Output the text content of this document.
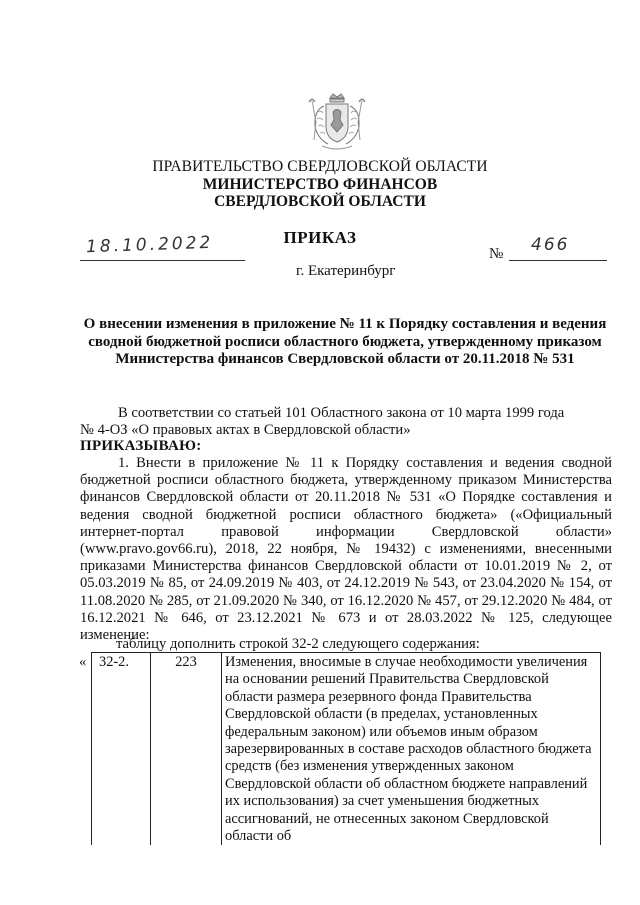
ПРАВИТЕЛЬСТВО СВЕРДЛОВСКОЙ ОБЛАСТИ
МИНИСТЕРСТВО ФИНАНСОВ
СВЕРДЛОВСКОЙ ОБЛАСТИ
ПРИКАЗ
18.10.2022	№ 466
г. Екатеринбург
О внесении изменения в приложение № 11 к Порядку составления и ведения сводной бюджетной росписи областного бюджета, утвержденному приказом Министерства финансов Свердловской области от 20.11.2018 № 531
В соответствии со статьей 101 Областного закона от 10 марта 1999 года
№ 4-ОЗ «О правовых актах в Свердловской области»
ПРИКАЗЫВАЮ:
1. Внести в приложение № 11 к Порядку составления и ведения сводной бюджетной росписи областного бюджета, утвержденному приказом Министерства финансов Свердловской области от 20.11.2018 № 531 «О Порядке составления и ведения сводной бюджетной росписи областного бюджета» («Официальный интернет-портал правовой информации Свердловской области» (www.pravo.gov66.ru), 2018, 22 ноября, № 19432) с изменениями, внесенными приказами Министерства финансов Свердловской области от 10.01.2019 № 2, от 05.03.2019 № 85, от 24.09.2019 № 403, от 24.12.2019 № 543, от 23.04.2020 № 154, от 11.08.2020 № 285, от 21.09.2020 № 340, от 16.12.2020 № 457, от 29.12.2020 № 484, от 16.12.2021 № 646, от 23.12.2021 № 673 и от 28.03.2022 № 125, следующее изменение:
таблицу дополнить строкой 32-2 следующего содержания:
« 32-2.	223	Изменения, вносимые в случае необходимости увеличения на основании решений Правительства Свердловской области размера резервного фонда Правительства Свердловской области (в пределах, установленных федеральным законом) или объемов иным образом зарезервированных в составе расходов областного бюджета средств (без изменения утвержденных законом Свердловской области об областном бюджете направлений их использования) за счет уменьшения бюджетных ассигнований, не отнесенных законом Свердловской области об
